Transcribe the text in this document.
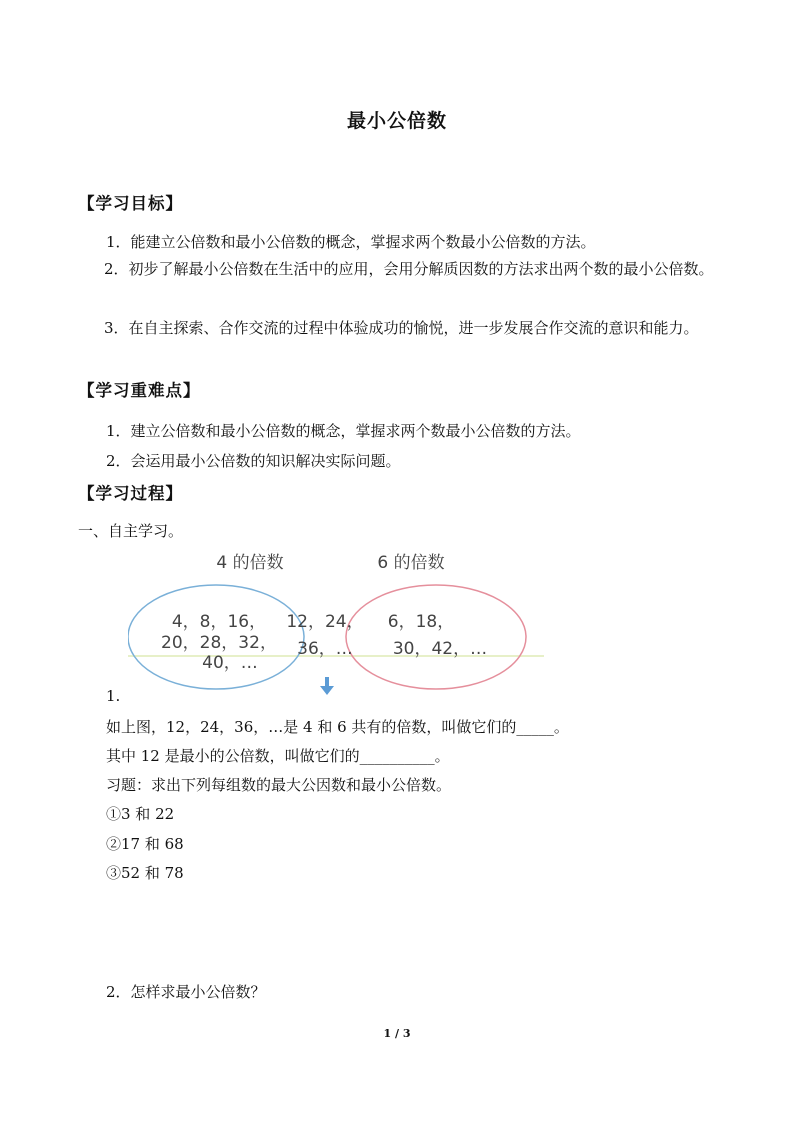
最小公倍数
【学习目标】
1．能建立公倍数和最小公倍数的概念，掌握求两个数最小公倍数的方法。
2．初步了解最小公倍数在生活中的应用，会用分解质因数的方法求出两个数的最小公倍数。
3．在自主探索、合作交流的过程中体验成功的愉悦，进一步发展合作交流的意识和能力。
【学习重难点】
1．建立公倍数和最小公倍数的概念，掌握求两个数最小公倍数的方法。
2．会运用最小公倍数的知识解决实际问题。
【学习过程】
一、自主学习。
4 的倍数	6 的倍数
4，8，16，
20，28，32，
40，…
12，24，
36，…
6，18，
30，42，…
1.
如上图，12，24，36，…是 4 和 6 共有的倍数，叫做它们的_____。
其中 12 是最小的公倍数，叫做它们的__________。
习题：求出下列每组数的最大公因数和最小公倍数。
①3 和 22
②17 和 68
③52 和 78
2．怎样求最小公倍数？
1 / 3
